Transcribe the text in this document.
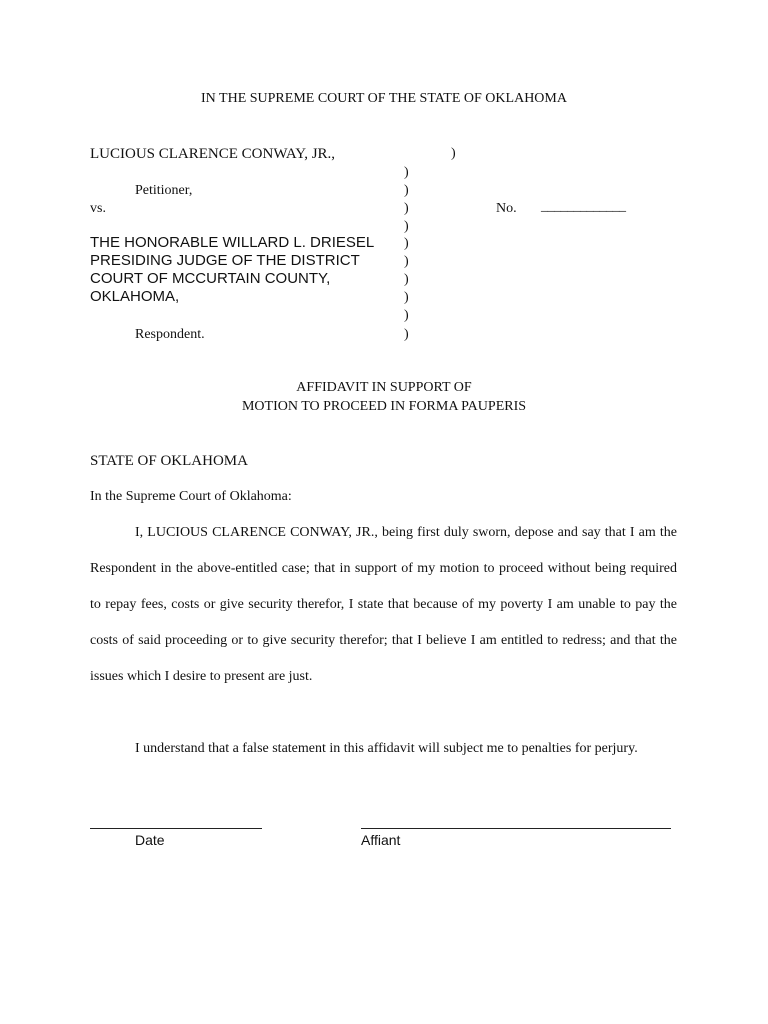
IN THE SUPREME COURT OF THE STATE OF OKLAHOMA
LUCIOUS CLARENCE CONWAY, JR.,	)
)
Petitioner,	)
vs.	)	No. _____________
)
THE HONORABLE WILLARD L. DRIESEL )
PRESIDING JUDGE OF THE DISTRICT	)
COURT OF MCCURTAIN COUNTY,	)
OKLAHOMA,	)
)
Respondent.	)
AFFIDAVIT IN SUPPORT OF
MOTION TO PROCEED IN FORMA PAUPERIS
STATE OF OKLAHOMA
In the Supreme Court of Oklahoma:
I, LUCIOUS CLARENCE CONWAY, JR., being first duly sworn, depose and say that I am the Respondent in the above-entitled case; that in support of my motion to proceed without being required to repay fees, costs or give security therefor, I state that because of my poverty I am unable to pay the costs of said proceeding or to give security therefor; that I believe I am entitled to redress; and that the issues which I desire to present are just.
I understand that a false statement in this affidavit will subject me to penalties for perjury.
Date	Affiant
